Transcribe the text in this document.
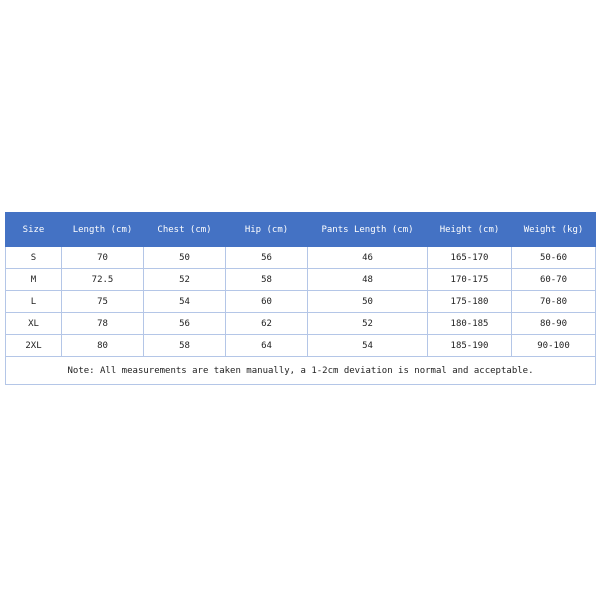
Size	Length (cm)	Chest (cm)	Hip (cm)	Pants Length (cm)	Height (cm)	Weight (kg)
S	70	50	56	46	165-170	50-60
M	72.5	52	58	48	170-175	60-70
L	75	54	60	50	175-180	70-80
XL	78	56	62	52	180-185	80-90
2XL	80	58	64	54	185-190	90-100
Note: All measurements are taken manually, a 1-2cm deviation is normal and acceptable.						
